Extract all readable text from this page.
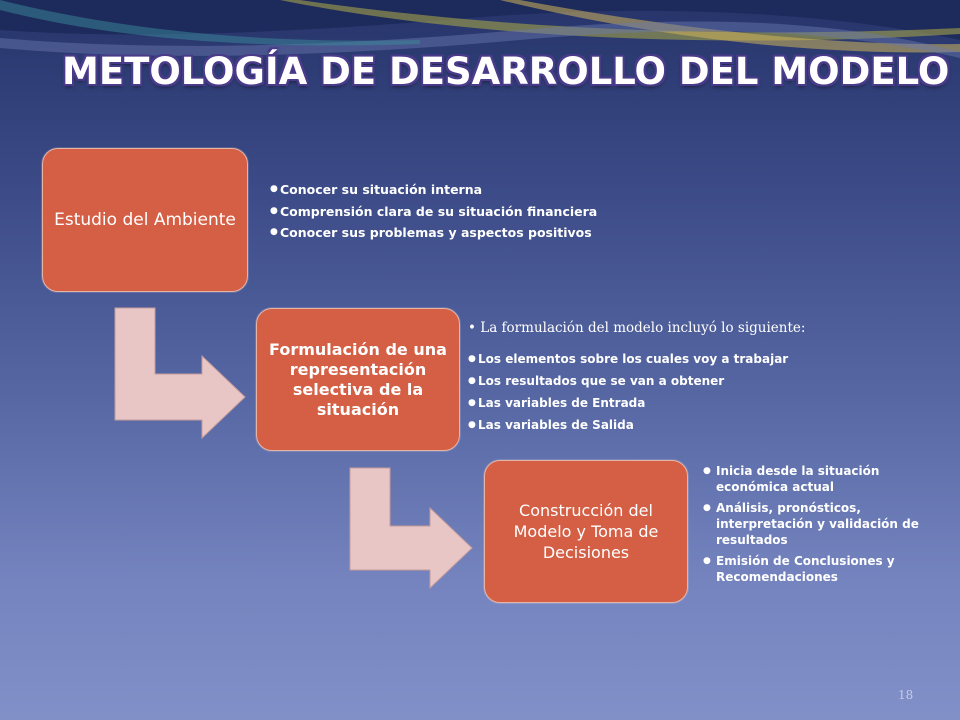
METOLOGÍA DE DESARROLLO DEL MODELO
Estudio del Ambiente
Formulación de una representación selectiva de la situación
Construcción del Modelo y Toma de Decisiones
● Conocer su situación interna
● Comprensión clara de su situación financiera
● Conocer sus problemas y aspectos positivos
• La formulación del modelo incluyó lo siguiente:
● Los elementos sobre los cuales voy a trabajar
● Los resultados que se van a obtener
● Las variables de Entrada
● Las variables de Salida
● Inicia desde la situación económica actual
● Análisis, pronósticos, interpretación y validación de resultados
● Emisión de Conclusiones y Recomendaciones
18
